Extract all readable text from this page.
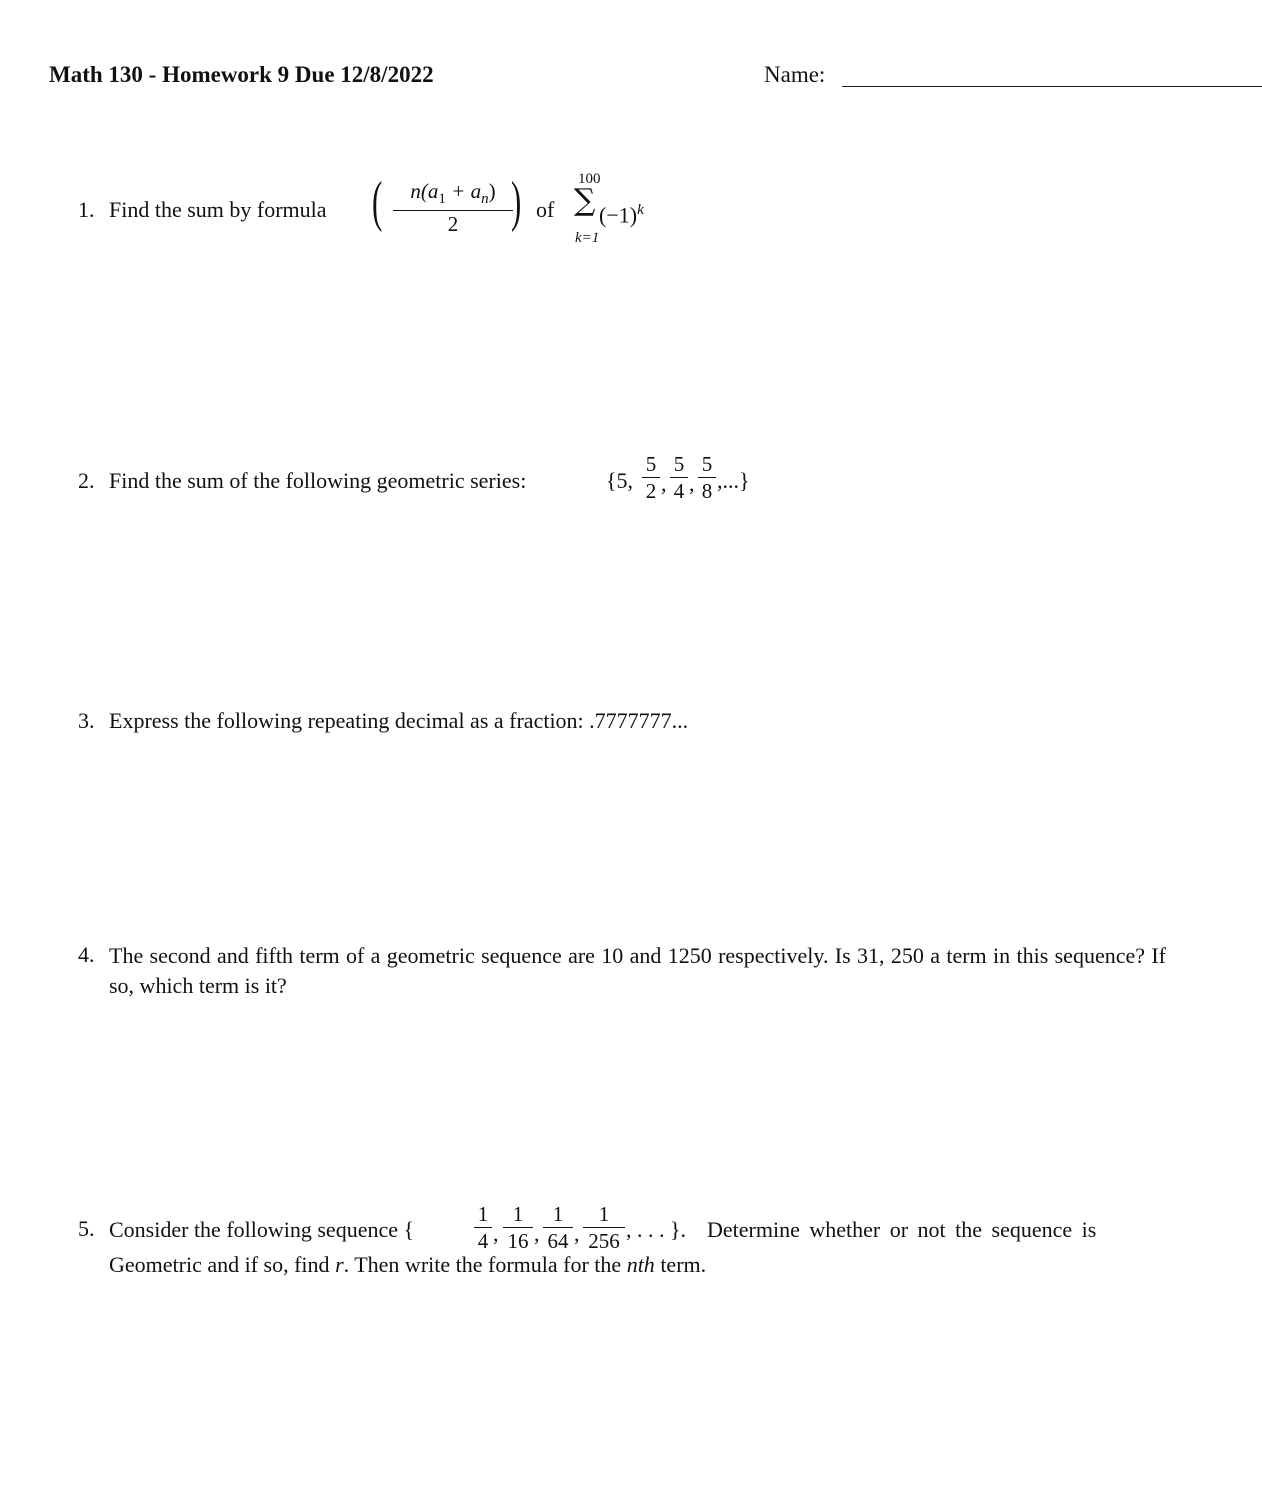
Math 130 - Homework 9 Due 12/8/2022	Name:
1. Find the sum by formula (	$n(a_1 + a_n)$
2 ) of
100
∑
k=1
$(-1)^k$
2. Find the sum of the following geometric series:	{5,
5
2 ,
5
4 ,
5
8 ,...}
3. Express the following repeating decimal as a fraction: .7777777...
4. The second and fifth term of a geometric sequence are 10 and 1250 respectively. Is 31, 250 a term in this sequence? If so, which term is it?
5. Consider the following sequence {
1
4 ,
1
16 ,
1
64 ,
1
256 , . . . }. Determine whether or not the sequence is
Geometric and if so, find r. Then write the formula for the nth term.
